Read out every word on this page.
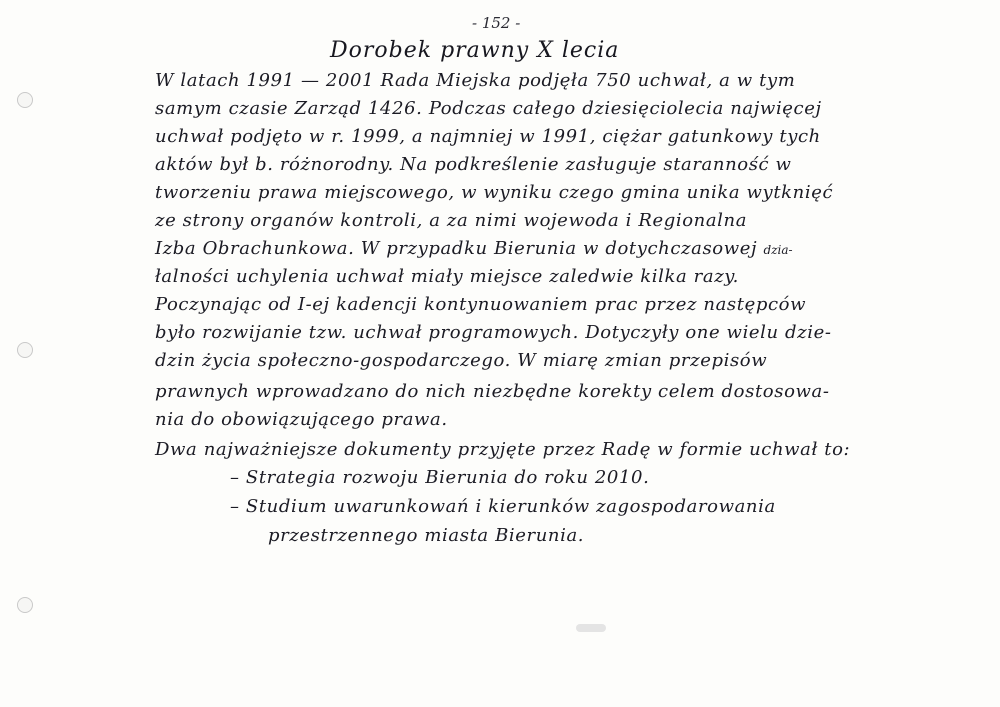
- 152 -
Dorobek prawny X lecia
W latach 1991 — 2001 Rada Miejska podjęła 750 uchwał, a w tym
samym czasie Zarząd 1426. Podczas całego dziesięciolecia najwięcej
uchwał podjęto w r. 1999, a najmniej w 1991, ciężar gatunkowy tych
aktów był b. różnorodny. Na podkreślenie zasługuje staranność w
tworzeniu prawa miejscowego, w wyniku czego gmina unika wytknięć
ze strony organów kontroli, a za nimi wojewoda i Regionalna
Izba Obrachunkowa. W przypadku Bierunia w dotychczasowej dzia-
łalności uchylenia uchwał miały miejsce zaledwie kilka razy.
Poczynając od I-ej kadencji kontynuowaniem prac przez następców
było rozwijanie tzw. uchwał programowych. Dotyczyły one wielu dzie-
dzin życia społeczno-gospodarczego. W miarę zmian przepisów
prawnych wprowadzano do nich niezbędne korekty celem dostosowa-
nia do obowiązującego prawa.
Dwa najważniejsze dokumenty przyjęte przez Radę w formie uchwał to:
– Strategia rozwoju Bierunia do roku 2010.
– Studium uwarunkowań i kierunków zagospodarowania
przestrzennego miasta Bierunia.
